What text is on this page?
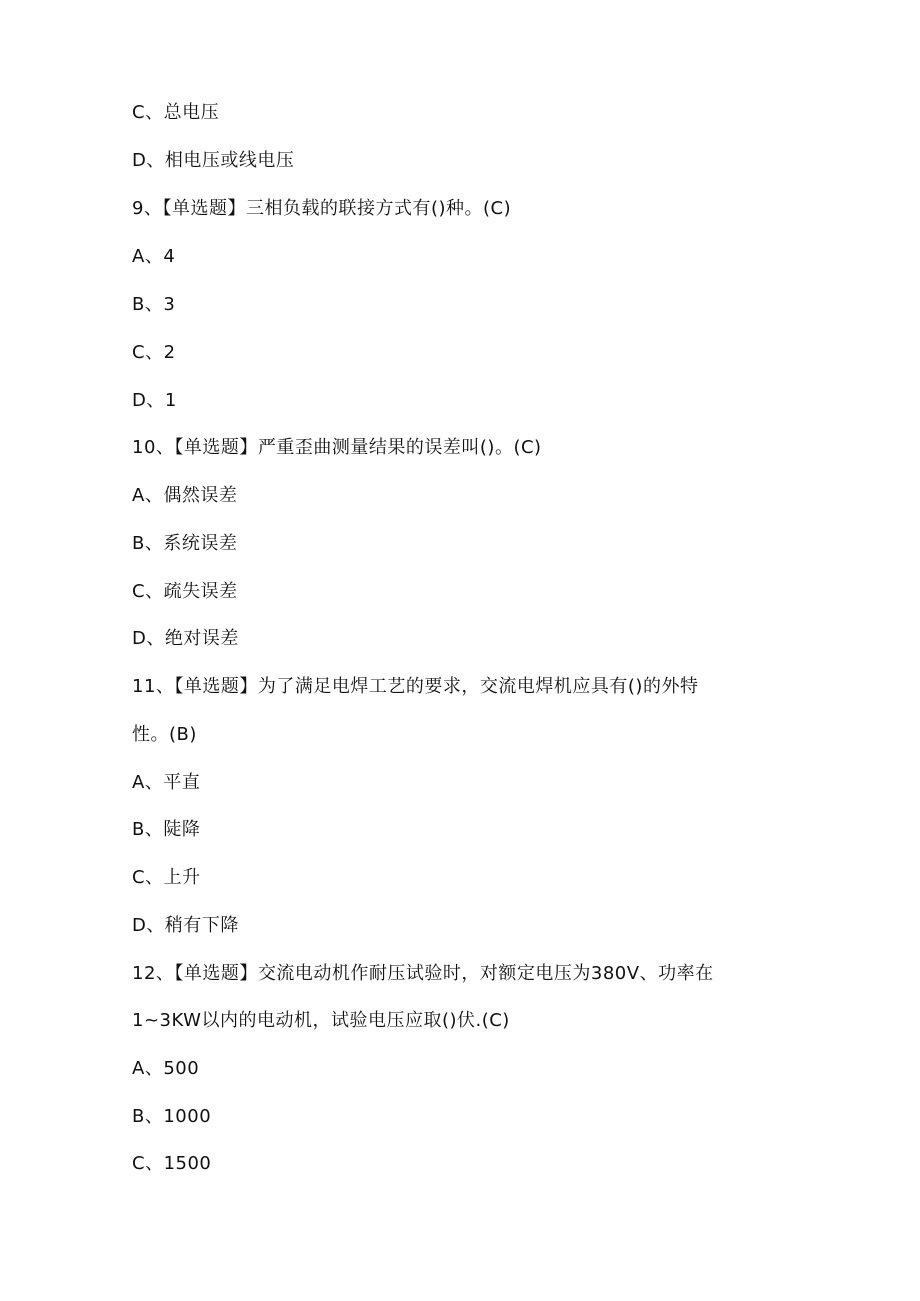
C、总电压
D、相电压或线电压
9、【单选题】三相负载的联接方式有()种。(C)
A、4
B、3
C、2
D、1
10、【单选题】严重歪曲测量结果的误差叫()。(C)
A、偶然误差
B、系统误差
C、疏失误差
D、绝对误差
11、【单选题】为了满足电焊工艺的要求，交流电焊机应具有()的外特
性。(B)
A、平直
B、陡降
C、上升
D、稍有下降
12、【单选题】交流电动机作耐压试验时，对额定电压为380V、功率在
1~3KW以内的电动机，试验电压应取()伏.(C)
A、500
B、1000
C、1500
